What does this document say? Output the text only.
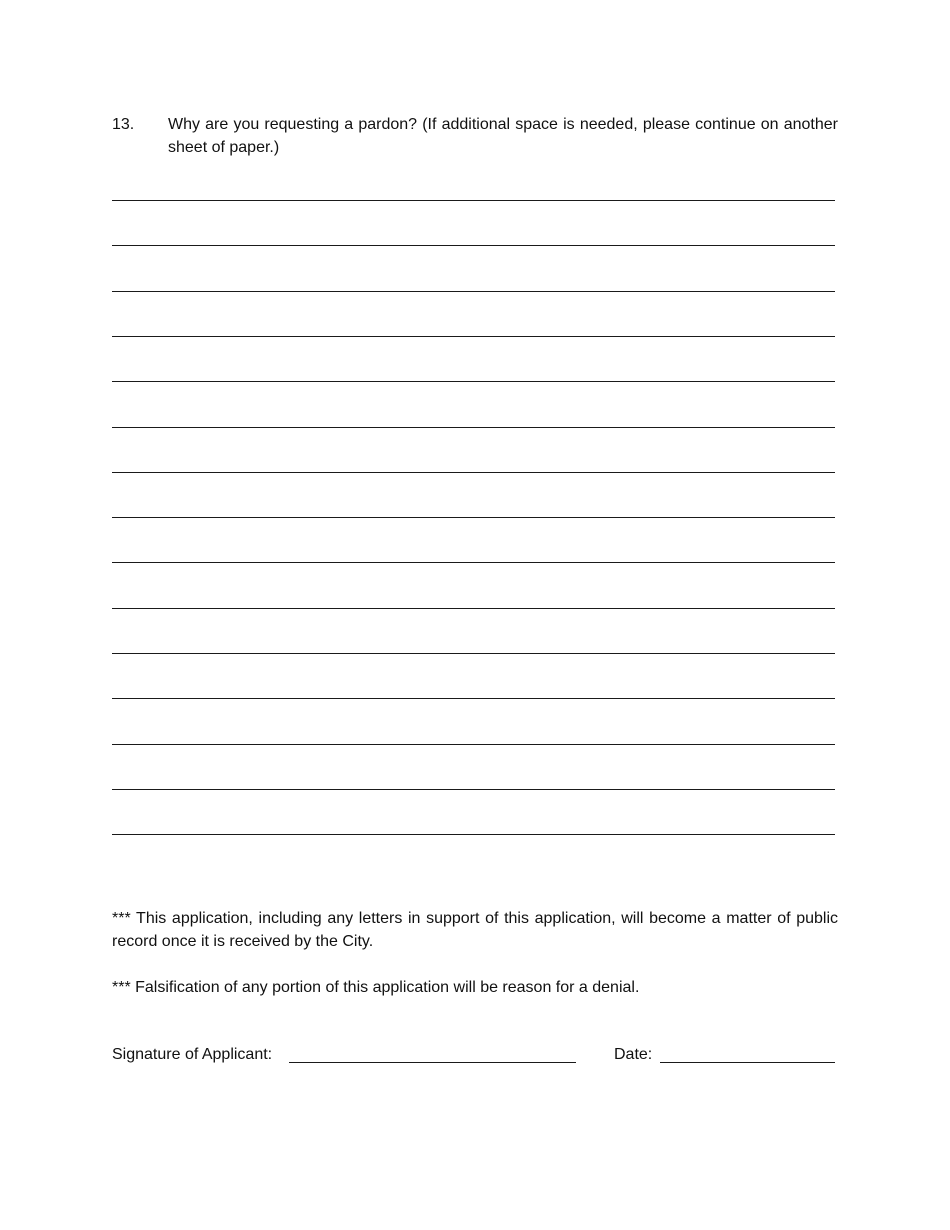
13. Why are you requesting a pardon? (If additional space is needed, please continue on another sheet of paper.)
*** This application, including any letters in support of this application, will become a matter of public record once it is received by the City.
*** Falsification of any portion of this application will be reason for a denial.
Signature of Applicant:	Date:
